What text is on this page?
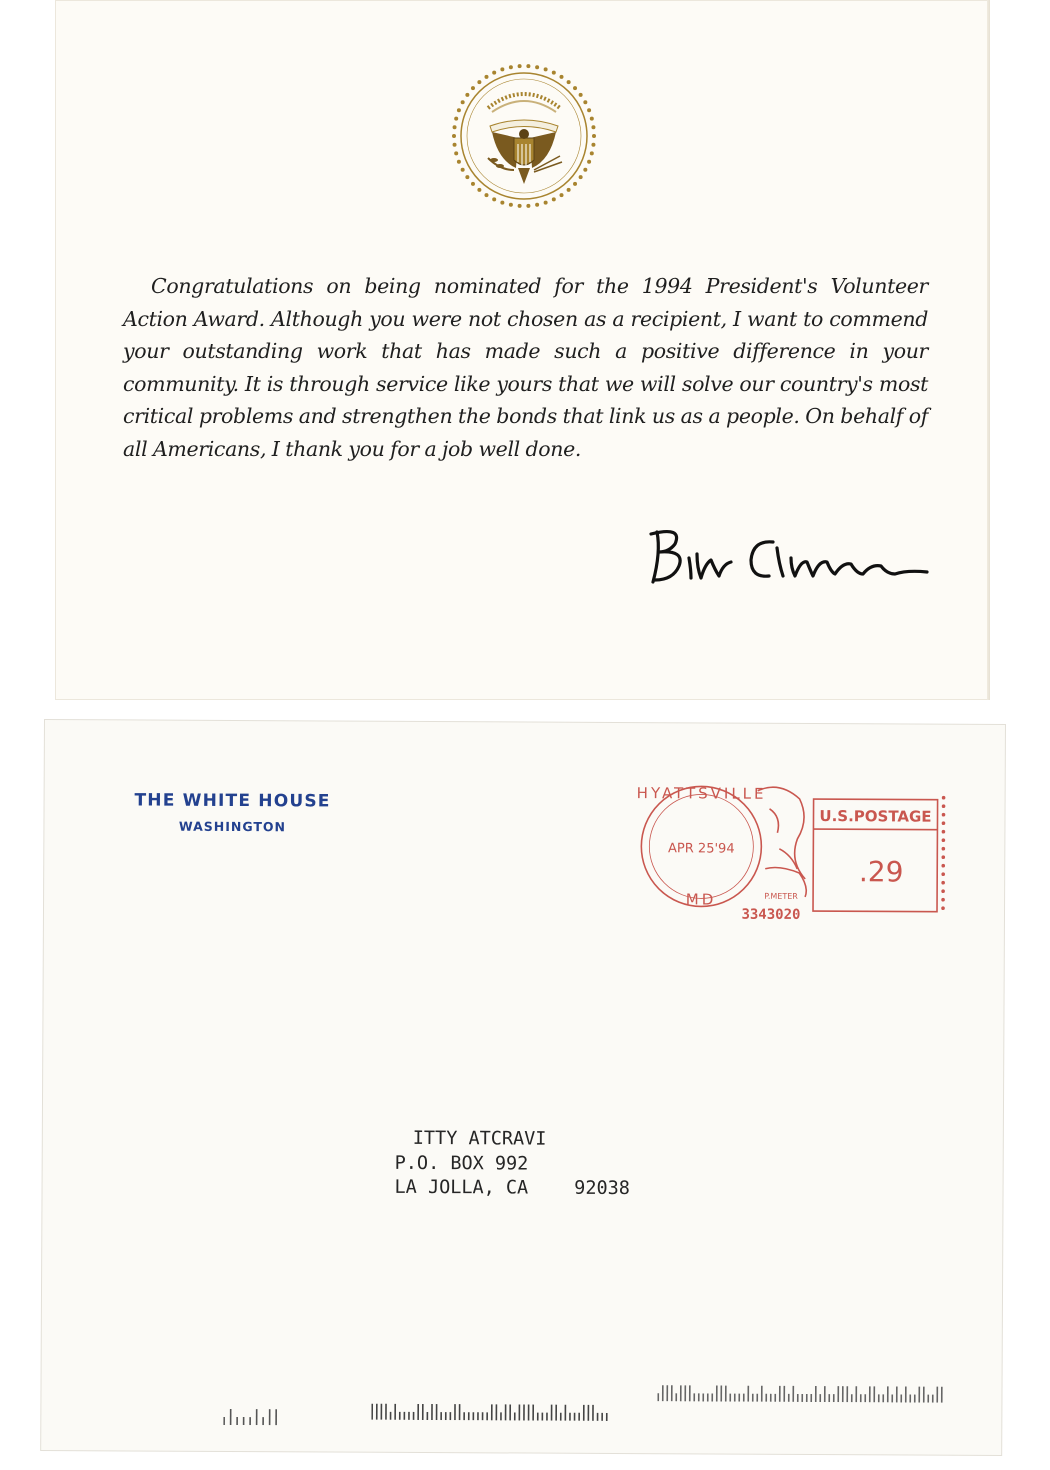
Congratulations on being nominated for the 1994 President's Volunteer Action Award. Although you were not chosen as a recipient, I want to commend your outstanding work that has made such a positive difference in your community. It is through service like yours that we will solve our country's most critical problems and strengthen the bonds that link us as a people. On behalf of all Americans, I thank you for a job well done.

THE WHITE HOUSE
WASHINGTON
HYATTSVILLE
MD
APR 25'94
U.S.POSTAGE
.29
P.METER
3343020
ITTY ATCRAVI
P.O. BOX 992
LA JOLLA, CA 92038
